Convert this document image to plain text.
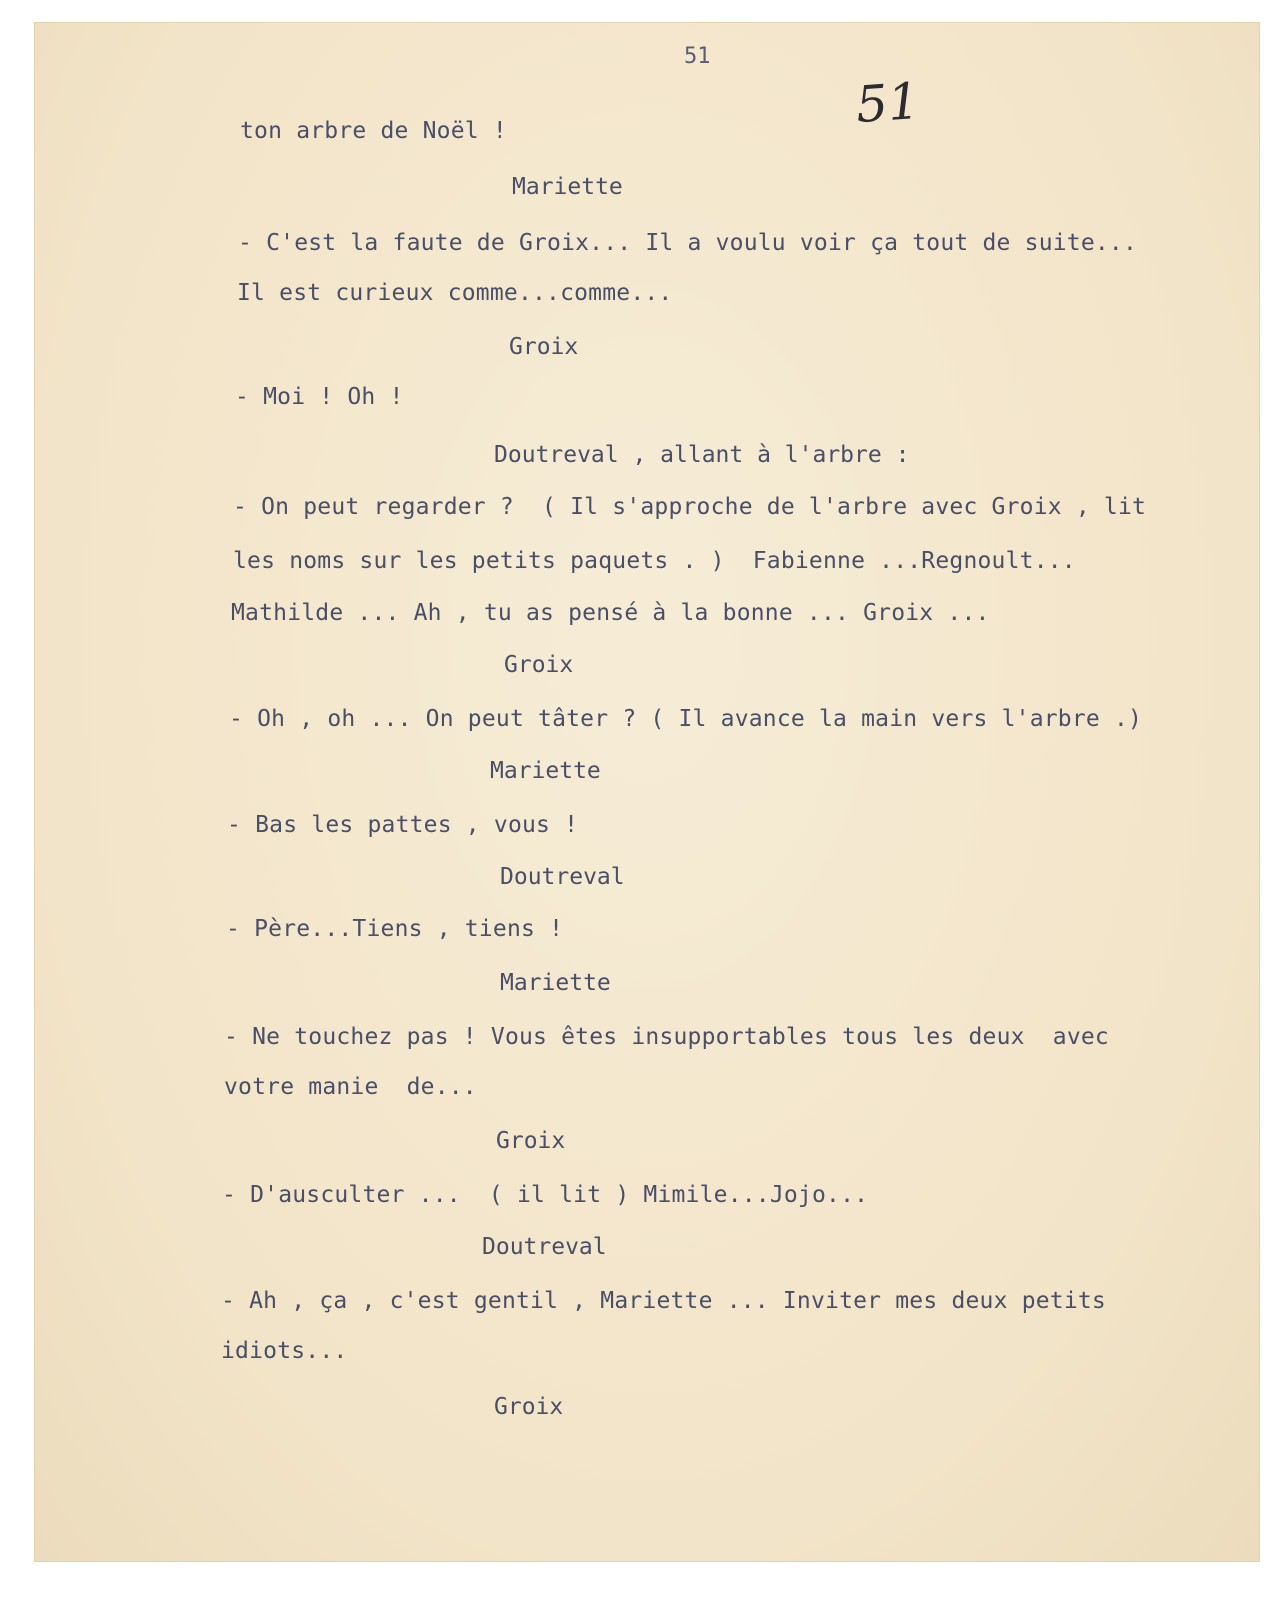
51
51
ton arbre de Noël !
Mariette
- C'est la faute de Groix... Il a voulu voir ça tout de suite...
Il est curieux comme...comme...
Groix
- Moi ! Oh !
Doutreval , allant à l'arbre :
- On peut regarder ?  ( Il s'approche de l'arbre avec Groix , lit
les noms sur les petits paquets . )  Fabienne ...Regnoult...
Mathilde ... Ah , tu as pensé à la bonne ... Groix ...
Groix
- Oh , oh ... On peut tâter ? ( Il avance la main vers l'arbre .)
Mariette
- Bas les pattes , vous !
Doutreval
- Père...Tiens , tiens !
Mariette
- Ne touchez pas ! Vous êtes insupportables tous les deux  avec
votre manie  de...
Groix
- D'ausculter ...  ( il lit ) Mimile...Jojo...
Doutreval
- Ah , ça , c'est gentil , Mariette ... Inviter mes deux petits
idiots...
Groix
